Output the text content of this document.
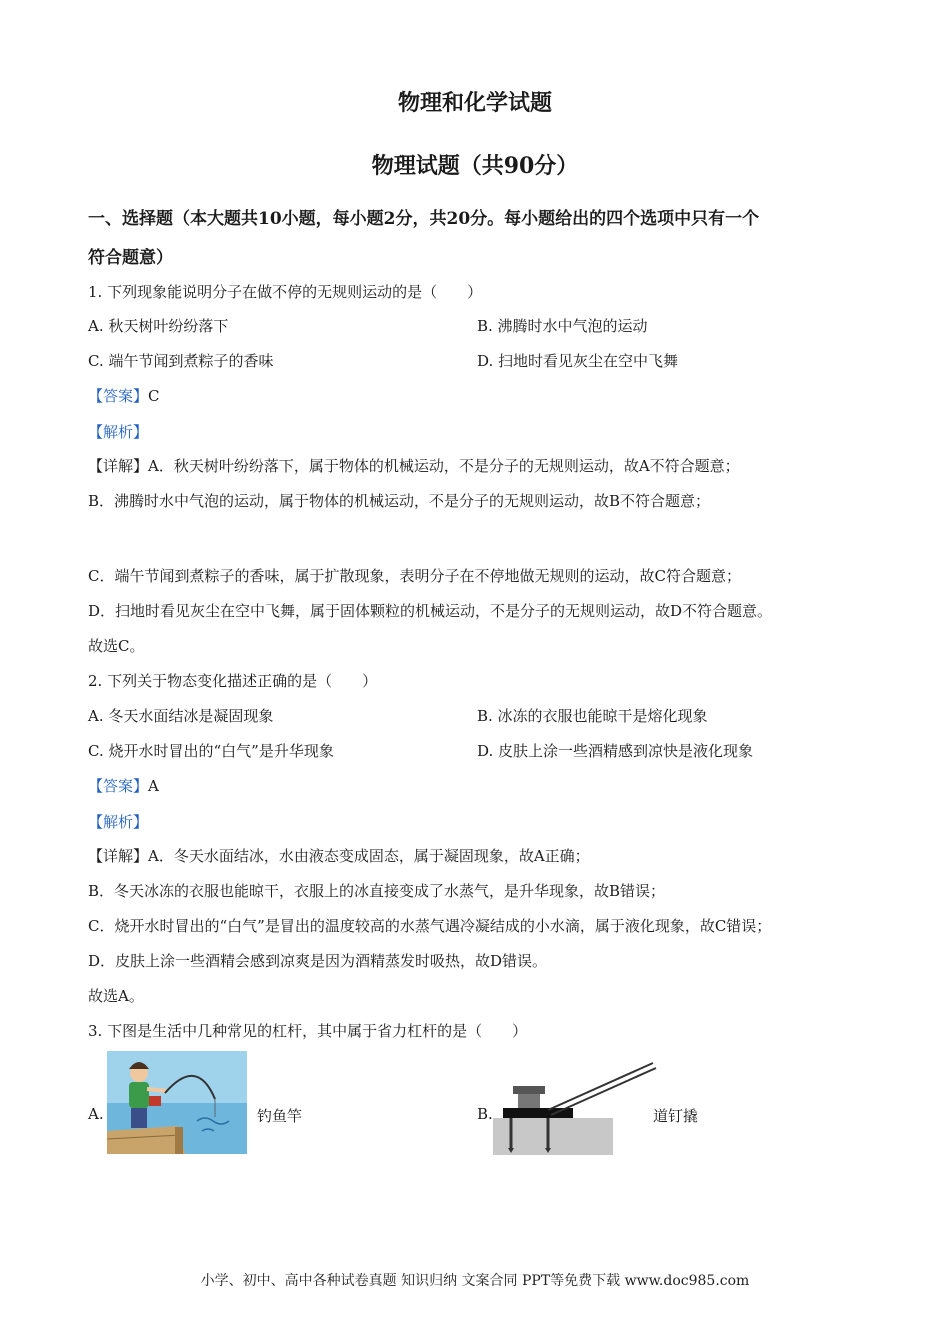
物理和化学试题
物理试题（共90分）
一、选择题（本大题共10小题，每小题2分，共20分。每小题给出的四个选项中只有一个
符合题意）
1. 下列现象能说明分子在做不停的无规则运动的是（　　）
A. 秋天树叶纷纷落下	B. 沸腾时水中气泡的运动
C. 端午节闻到煮粽子的香味	D. 扫地时看见灰尘在空中飞舞
【答案】C
【解析】
【详解】A．秋天树叶纷纷落下，属于物体的机械运动，不是分子的无规则运动，故A不符合题意；
B．沸腾时水中气泡的运动，属于物体的机械运动，不是分子的无规则运动，故B不符合题意；
C．端午节闻到煮粽子的香味，属于扩散现象，表明分子在不停地做无规则的运动，故C符合题意；
D．扫地时看见灰尘在空中飞舞，属于固体颗粒的机械运动，不是分子的无规则运动，故D不符合题意。
故选C。
2. 下列关于物态变化描述正确的是（　　）
A. 冬天水面结冰是凝固现象	B. 冰冻的衣服也能晾干是熔化现象
C. 烧开水时冒出的“白气”是升华现象	D. 皮肤上涂一些酒精感到凉快是液化现象
【答案】A
【解析】
【详解】A．冬天水面结冰，水由液态变成固态，属于凝固现象，故A正确；
B．冬天冰冻的衣服也能晾干，衣服上的冰直接变成了水蒸气，是升华现象，故B错误；
C．烧开水时冒出的“白气”是冒出的温度较高的水蒸气遇冷凝结成的小水滴，属于液化现象，故C错误；
D．皮肤上涂一些酒精会感到凉爽是因为酒精蒸发时吸热，故D错误。
故选A。
3. 下图是生活中几种常见的杠杆，其中属于省力杠杆的是（　　）
A.	钓鱼竿	B.	道钉撬
小学、初中、高中各种试卷真题 知识归纳 文案合同 PPT等免费下载 www.doc985.com
